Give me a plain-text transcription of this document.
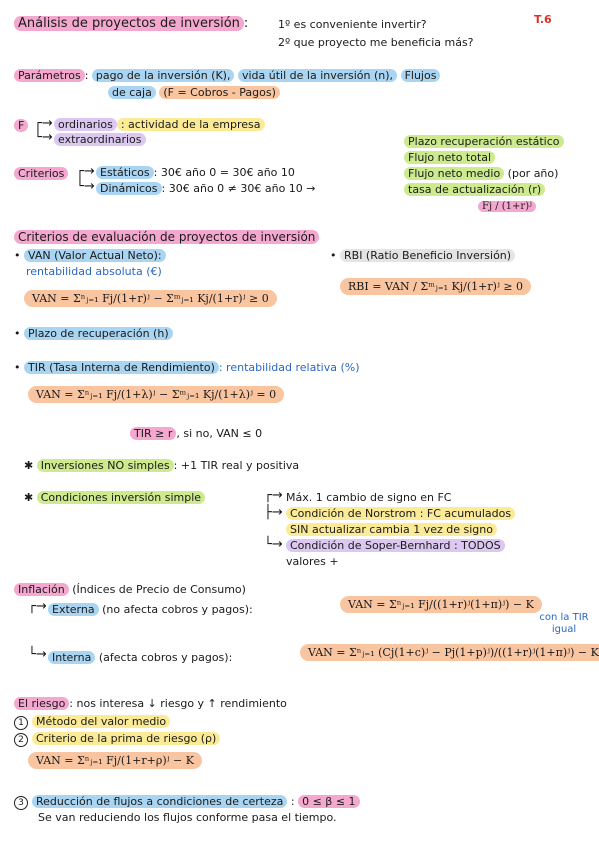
Análisis de proyectos de inversión :	1º es conveniente invertir?
2º que proyecto me beneficia más?
T.6
Parámetros : pago de la inversión (K), vida útil de la inversión (n), Flujos
de caja (F = Cobros - Pagos)
F ┌→
└→
ordinarios : actividad de la empresa
extraordinarios	Plazo recuperación estático
Flujo neto total
Flujo neto medio (por año)
tasa de actualización (r)
Fj / (1+r)ʲ
Criterios ┌→
└→
Estáticos : 30€ año 0 = 30€ año 10
Dinámicos : 30€ año 0 ≠ 30€ año 10 →
Criterios de evaluación de proyectos de inversión
• VAN (Valor Actual Neto):
rentabilidad absoluta (€)
VAN = Σⁿⱼ₌₁ Fj/(1+r)ʲ − Σᵐⱼ₌₁ Kj/(1+r)ʲ ≥ 0
• RBI (Ratio Beneficio Inversión)
RBI = VAN / Σᵐⱼ₌₁ Kj/(1+r)ʲ ≥ 0
• Plazo de recuperación (h)
• TIR (Tasa Interna de Rendimiento) : rentabilidad relativa (%)
VAN = Σⁿⱼ₌₁ Fj/(1+λ)ʲ − Σᵐⱼ₌₁ Kj/(1+λ)ʲ = 0
TIR ≥ r , si no, VAN ≤ 0
✱ Inversiones NO simples : +1 TIR real y positiva
✱ Condiciones inversión simple	┌→
├→
└→
Máx. 1 cambio de signo en FC
Condición de Norstrom : FC acumulados
SIN actualizar cambia 1 vez de signo
Condición de Soper-Bernhard : TODOS
valores +
Inflación (Índices de Precio de Consumo)
┌→
└→
Externa (no afecta cobros y pagos):	VAN = Σⁿⱼ₌₁ Fj/((1+r)ʲ(1+π)ʲ) − K
con la TIR igual
Interna (afecta cobros y pagos):	VAN = Σⁿⱼ₌₁ (Cj(1+c)ʲ − Pj(1+p)ʲ)/((1+r)ʲ(1+π)ʲ) − K
El riesgo : nos interesa ↓ riesgo y ↑ rendimiento
1 Método del valor medio
2 Criterio de la prima de riesgo (ρ)
VAN = Σⁿⱼ₌₁ Fj/(1+r+ρ)ʲ − K
3 Reducción de flujos a condiciones de certeza : 0 ≤ β ≤ 1
Se van reduciendo los flujos conforme pasa el tiempo.
